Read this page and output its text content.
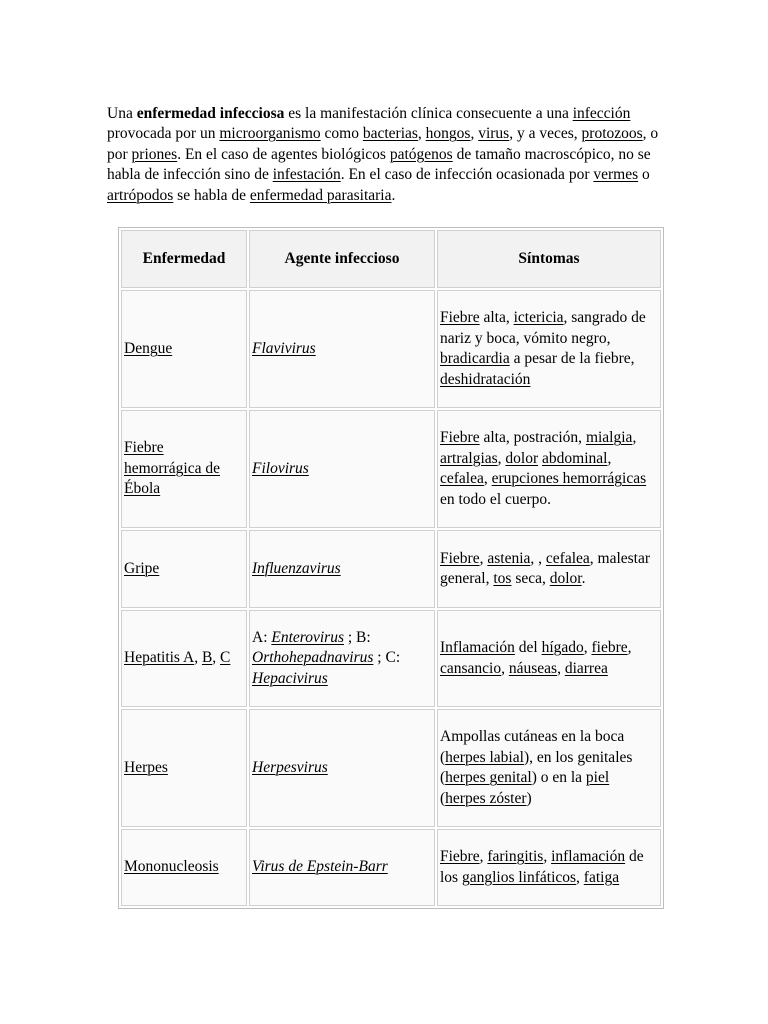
Una enfermedad infecciosa es la manifestación clínica consecuente a una infección provocada por un microorganismo como bacterias, hongos, virus, y a veces, protozoos, o por priones. En el caso de agentes biológicos patógenos de tamaño macroscópico, no se habla de infección sino de infestación. En el caso de infección ocasionada por vermes o artrópodos se habla de enfermedad parasitaria.

Enfermedad	Agente infeccioso	Síntomas
Dengue	Flavivirus	Fiebre alta, ictericia, sangrado de nariz y boca, vómito negro, bradicardia a pesar de la fiebre, deshidratación
Fiebre hemorrágica de Ébola	Filovirus	Fiebre alta, postración, mialgia, artralgias, dolor abdominal, cefalea, erupciones hemorrágicas en todo el cuerpo.
Gripe	Influenzavirus	Fiebre, astenia, , cefalea, malestar general, tos seca, dolor.
Hepatitis A, B, C	A: Enterovirus ; B: Orthohepadnavirus ; C: Hepacivirus	Inflamación del hígado, fiebre, cansancio, náuseas, diarrea
Herpes	Herpesvirus	Ampollas cutáneas en la boca (herpes labial), en los genitales (herpes genital) o en la piel (herpes zóster)
Mononucleosis	Virus de Epstein-Barr	Fiebre, faringitis, inflamación de los ganglios linfáticos, fatiga
